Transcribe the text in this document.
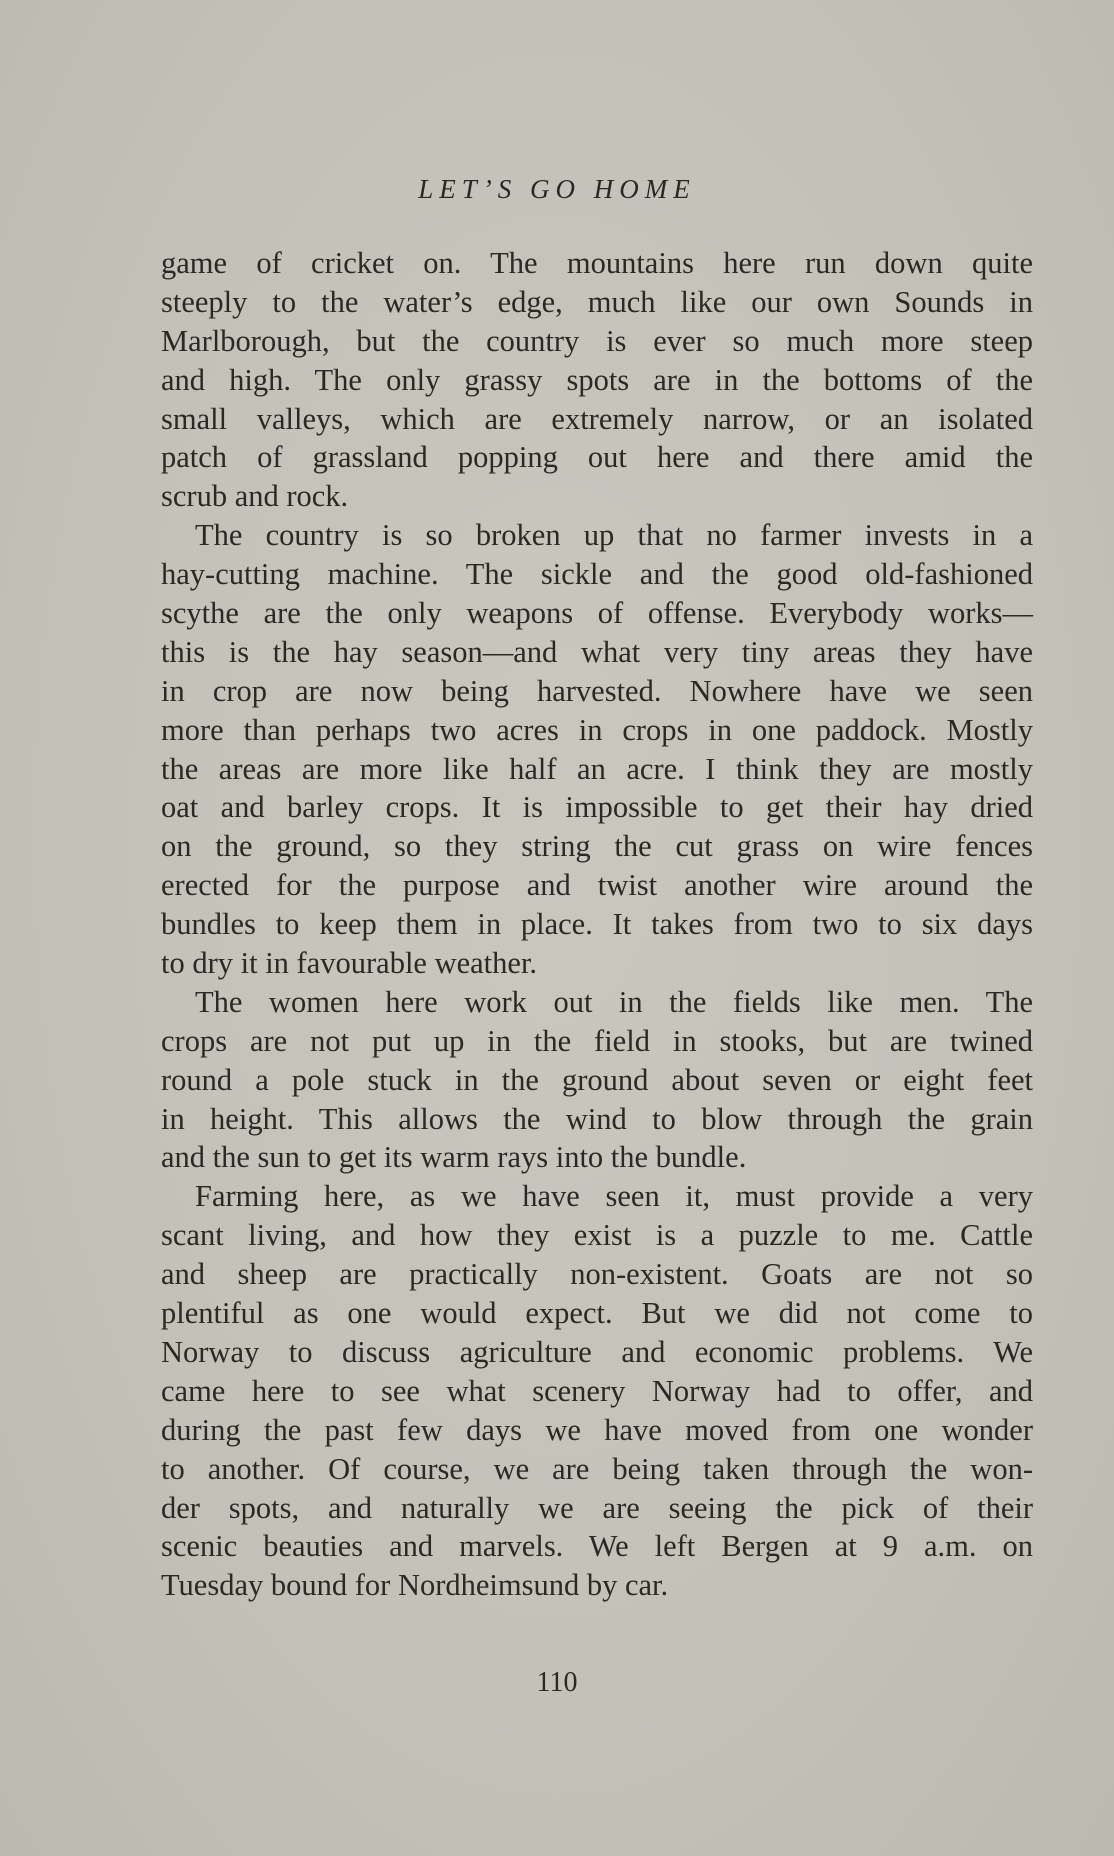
LET’S GO HOME
game of cricket on. The mountains here run down quite
steeply to the water’s edge, much like our own Sounds in
Marlborough, but the country is ever so much more steep
and high. The only grassy spots are in the bottoms of the
small valleys, which are extremely narrow, or an isolated
patch of grassland popping out here and there amid the
scrub and rock.
The country is so broken up that no farmer invests in a
hay-cutting machine. The sickle and the good old-fashioned
scythe are the only weapons of offense. Everybody works—
this is the hay season—and what very tiny areas they have
in crop are now being harvested. Nowhere have we seen
more than perhaps two acres in crops in one paddock. Mostly
the areas are more like half an acre. I think they are mostly
oat and barley crops. It is impossible to get their hay dried
on the ground, so they string the cut grass on wire fences
erected for the purpose and twist another wire around the
bundles to keep them in place. It takes from two to six days
to dry it in favourable weather.
The women here work out in the fields like men. The
crops are not put up in the field in stooks, but are twined
round a pole stuck in the ground about seven or eight feet
in height. This allows the wind to blow through the grain
and the sun to get its warm rays into the bundle.
Farming here, as we have seen it, must provide a very
scant living, and how they exist is a puzzle to me. Cattle
and sheep are practically non-existent. Goats are not so
plentiful as one would expect. But we did not come to
Norway to discuss agriculture and economic problems. We
came here to see what scenery Norway had to offer, and
during the past few days we have moved from one wonder
to another. Of course, we are being taken through the won-
der spots, and naturally we are seeing the pick of their
scenic beauties and marvels. We left Bergen at 9 a.m. on
Tuesday bound for Nordheimsund by car.
110
